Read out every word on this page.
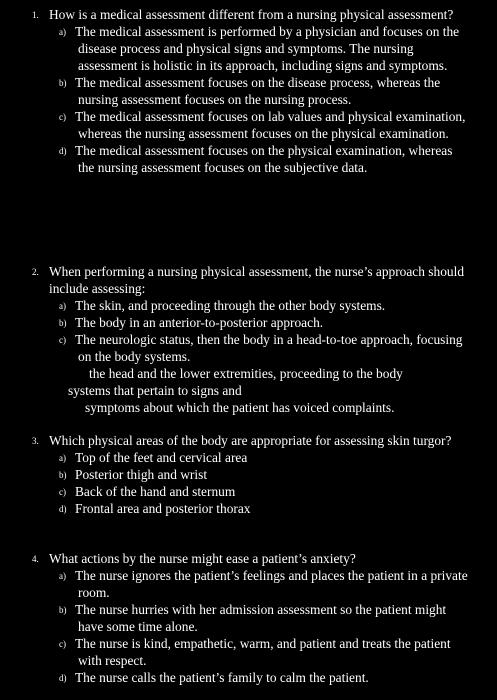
1. How is a medical assessment different from a nursing physical assessment?
a) The medical assessment is performed by a physician and focuses on the disease process and physical signs and symptoms. The nursing assessment is holistic in its approach, including signs and symptoms.
b) The medical assessment focuses on the disease process, whereas the nursing assessment focuses on the nursing process.
c) The medical assessment focuses on lab values and physical examination, whereas the nursing assessment focuses on the physical examination.
d) The medical assessment focuses on the physical examination, whereas the nursing assessment focuses on the subjective data.
2. When performing a nursing physical assessment, the nurse’s approach should include assessing:
a) The skin, and proceeding through the other body systems.
b) The body in an anterior-to-posterior approach.
c) The neurologic status, then the body in a head-to-toe approach, focusing on the body systems.
the head and the lower extremities, proceeding to the body
systems that pertain to signs and
symptoms about which the patient has voiced complaints.
3. Which physical areas of the body are appropriate for assessing skin turgor?
a) Top of the feet and cervical area
b) Posterior thigh and wrist
c) Back of the hand and sternum
d) Frontal area and posterior thorax
4. What actions by the nurse might ease a patient’s anxiety?
a) The nurse ignores the patient’s feelings and places the patient in a private room.
b) The nurse hurries with her admission assessment so the patient might have some time alone.
c) The nurse is kind, empathetic, warm, and patient and treats the patient with respect.
d) The nurse calls the patient’s family to calm the patient.
